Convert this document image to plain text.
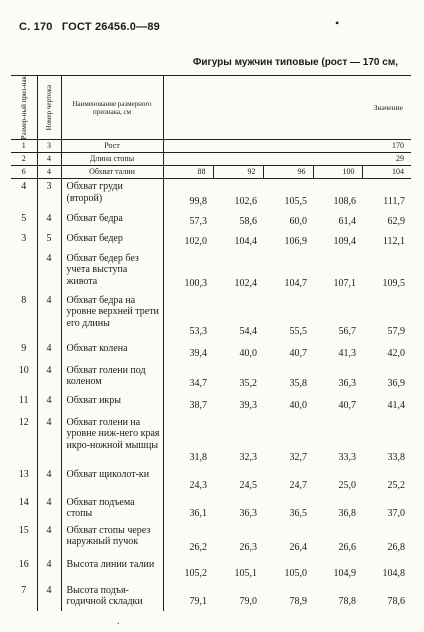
С. 170 ГОСТ 26456.0—89	•
Фигуры мужчин типовые (рост — 170 см,
Размер-ный приз-нак	Номер чертежа	Наименование размерного признака, см	Значение				
1	3	Рост	170				
2	4	Длина стопы	29				
6	4	Обхват талии	88	92	96	100	104
4	3	Обхват груди (второй)	99,8	102,6	105,5	108,6	111,7
5	4	Обхват бедра	57,3	58,6	60,0	61,4	62,9
3	5	Обхват бедер	102,0	104,4	106,9	109,4	112,1
	4	Обхват бедер без учета выступа живота	100,3	102,4	104,7	107,1	109,5
8	4	Обхват бедра на уровне верхней трети его длины	53,3	54,4	55,5	56,7	57,9
9	4	Обхват колена	39,4	40,0	40,7	41,3	42,0
10	4	Обхват голени под коленом	34,7	35,2	35,8	36,3	36,9
11	4	Обхват икры	38,7	39,3	40,0	40,7	41,4
12	4	Обхват голени на уровне ниж-него края икро-ножной мышцы	31,8	32,3	32,7	33,3	33,8
13	4	Обхват щиколот-ки	24,3	24,5	24,7	25,0	25,2
14	4	Обхват подъема стопы	36,1	36,3	36,5	36,8	37,0
15	4	Обхват стопы через наружный пучок	26,2	26,3	26,4	26,6	26,8
16	4	Высота линии талии	105,2	105,1	105,0	104,9	104,8
7	4	Высота подъя-годичной складки	79,1	79,0	78,9	78,8	78,6
.
